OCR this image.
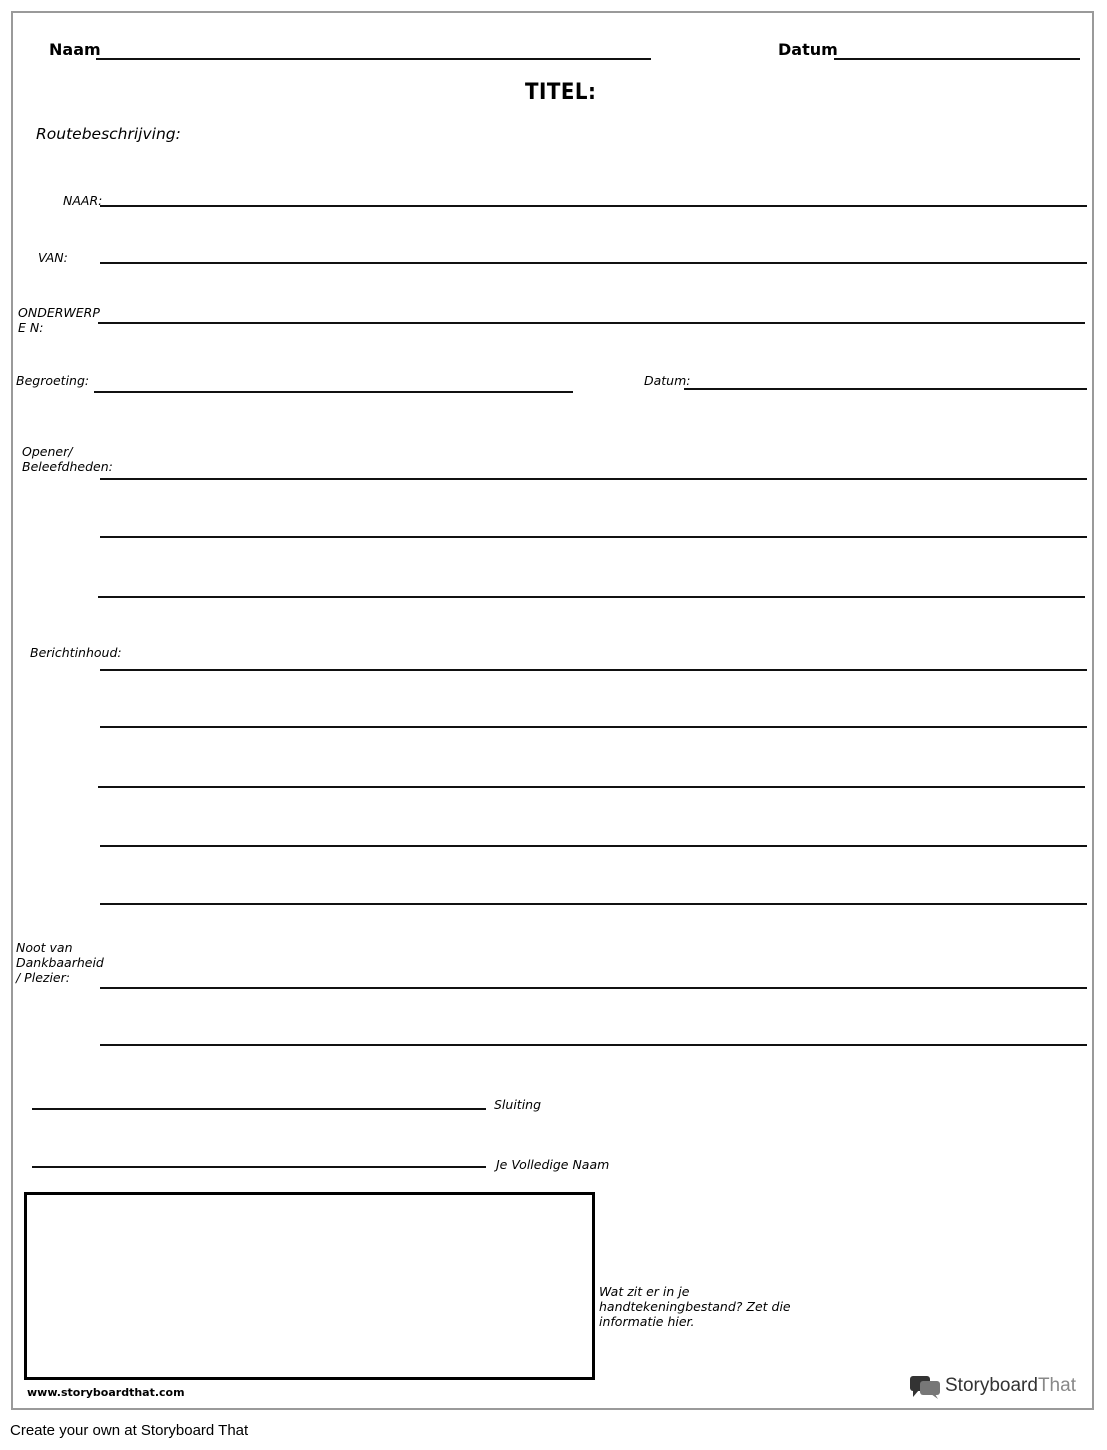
Naam	Datum
TITEL:
Routebeschrijving:
NAAR:
VAN:
ONDERWERPE N:
Begroeting:	Datum:
Opener/ Beleefdheden:
Berichtinhoud:
Noot van Dankbaarheid / Plezier:
Sluiting
Je Volledige Naam
Wat zit er in je handtekeningbestand? Zet die informatie hier.
www.storyboardthat.com	StoryboardThat
Create your own at Storyboard That
